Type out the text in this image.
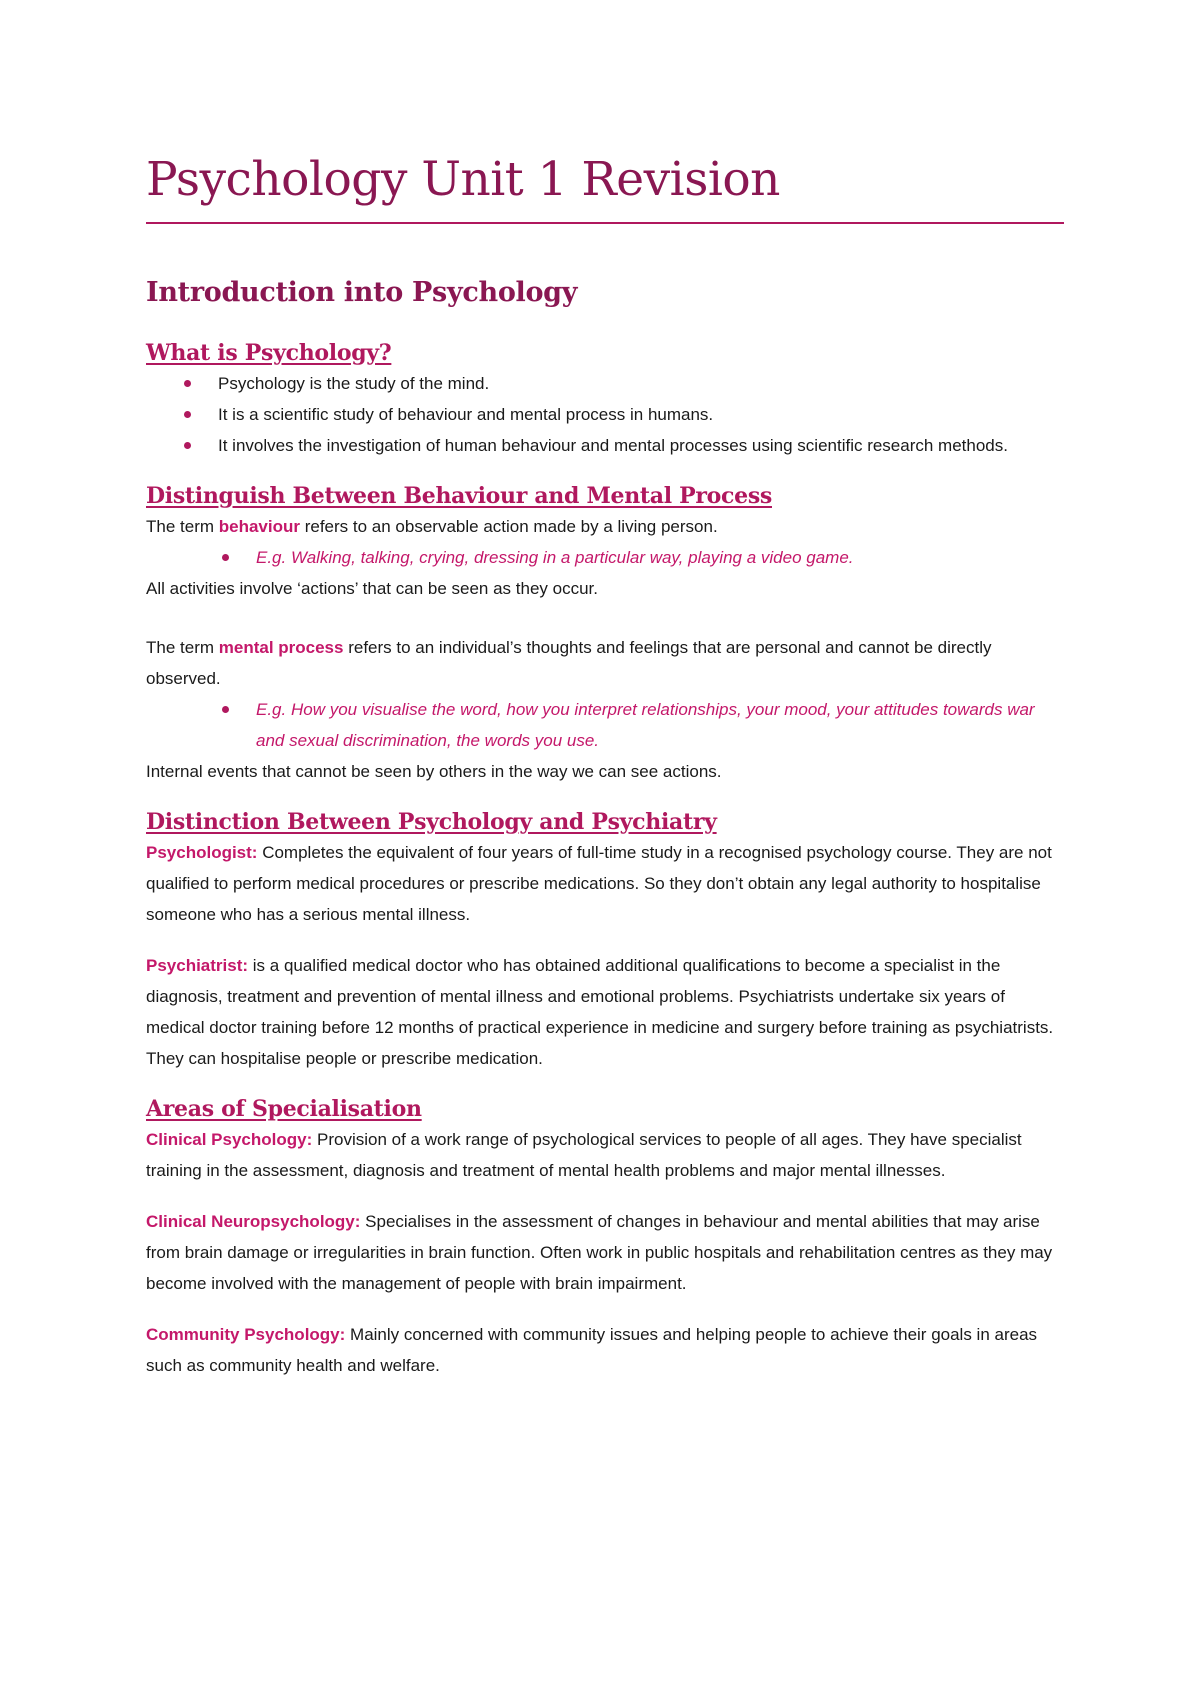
Psychology Unit 1 Revision
Introduction into Psychology
What is Psychology?
Psychology is the study of the mind.
It is a scientific study of behaviour and mental process in humans.
It involves the investigation of human behaviour and mental processes using scientific research methods.
Distinguish Between Behaviour and Mental Process

The term behaviour refers to an observable action made by a living person.

E.g. Walking, talking, crying, dressing in a particular way, playing a video game.

All activities involve ‘actions’ that can be seen as they occur.

The term mental process refers to an individual’s thoughts and feelings that are personal and cannot be directly observed.

E.g. How you visualise the word, how you interpret relationships, your mood, your attitudes towards war and sexual discrimination, the words you use.

Internal events that cannot be seen by others in the way we can see actions.

Distinction Between Psychology and Psychiatry

Psychologist: Completes the equivalent of four years of full-time study in a recognised psychology course. They are not qualified to perform medical procedures or prescribe medications. So they don’t obtain any legal authority to hospitalise someone who has a serious mental illness.

Psychiatrist: is a qualified medical doctor who has obtained additional qualifications to become a specialist in the diagnosis, treatment and prevention of mental illness and emotional problems. Psychiatrists undertake six years of medical doctor training before 12 months of practical experience in medicine and surgery before training as psychiatrists. They can hospitalise people or prescribe medication.

Areas of Specialisation

Clinical Psychology: Provision of a work range of psychological services to people of all ages. They have specialist training in the assessment, diagnosis and treatment of mental health problems and major mental illnesses.

Clinical Neuropsychology: Specialises in the assessment of changes in behaviour and mental abilities that may arise from brain damage or irregularities in brain function. Often work in public hospitals and rehabilitation centres as they may become involved with the management of people with brain impairment.

Community Psychology: Mainly concerned with community issues and helping people to achieve their goals in areas such as community health and welfare.
